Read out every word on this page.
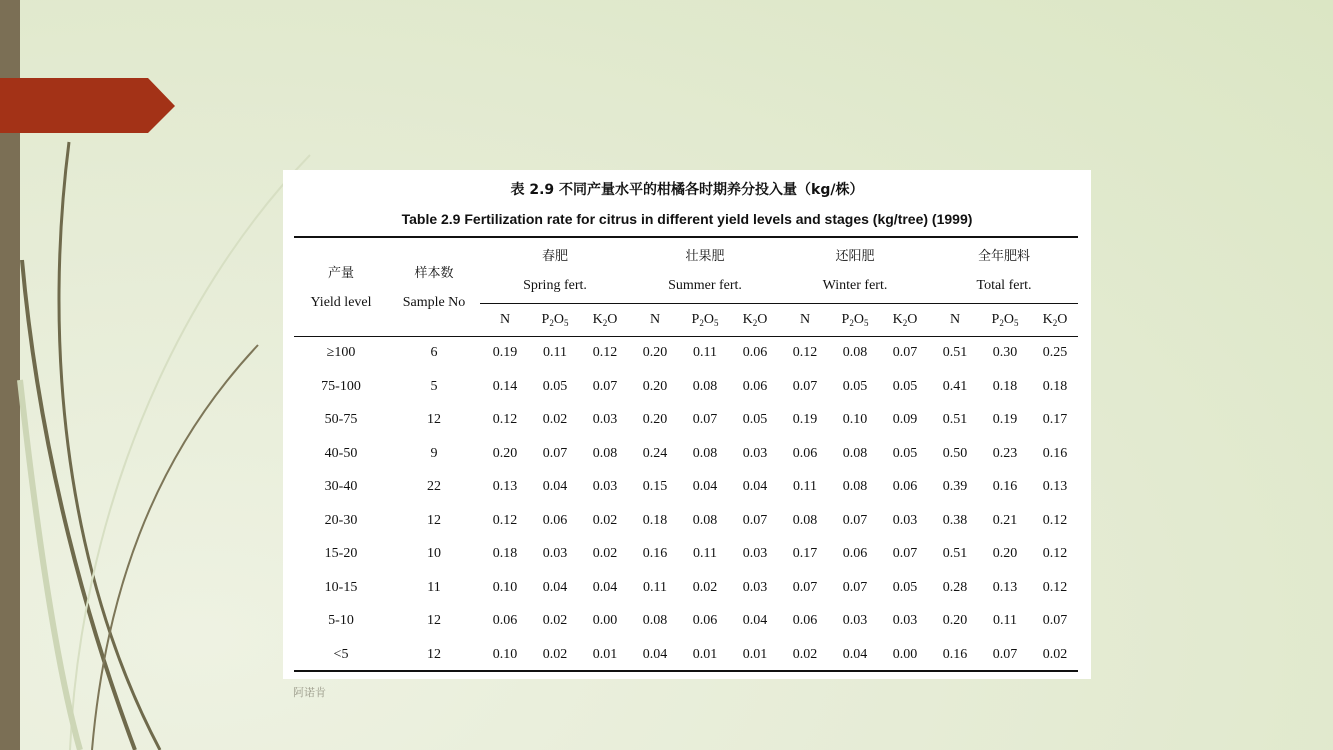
表 2.9 不同产量水平的柑橘各时期养分投入量（kg/株）
Table 2.9 Fertilization rate for citrus in different yield levels and stages (kg/tree) (1999)
产量
Yield level
样本数
Sample No
春肥
Spring fert.
壮果肥
Summer fert.
还阳肥
Winter fert.
全年肥料
Total fert.
N	$P_2O_5$	$K_2O$	N	$P_2O_5$	$K_2O$	N	$P_2O_5$	$K_2O$	N	$P_2O_5$	$K_2O$
≥100	6	0.19	0.11	0.12	0.20	0.11	0.06	0.12	0.08	0.07	0.51	0.30	0.25
75-100	5	0.14	0.05	0.07	0.20	0.08	0.06	0.07	0.05	0.05	0.41	0.18	0.18
50-75	12	0.12	0.02	0.03	0.20	0.07	0.05	0.19	0.10	0.09	0.51	0.19	0.17
40-50	9	0.20	0.07	0.08	0.24	0.08	0.03	0.06	0.08	0.05	0.50	0.23	0.16
30-40	22	0.13	0.04	0.03	0.15	0.04	0.04	0.11	0.08	0.06	0.39	0.16	0.13
20-30	12	0.12	0.06	0.02	0.18	0.08	0.07	0.08	0.07	0.03	0.38	0.21	0.12
15-20	10	0.18	0.03	0.02	0.16	0.11	0.03	0.17	0.06	0.07	0.51	0.20	0.12
10-15	11	0.10	0.04	0.04	0.11	0.02	0.03	0.07	0.07	0.05	0.28	0.13	0.12
5-10	12	0.06	0.02	0.00	0.08	0.06	0.04	0.06	0.03	0.03	0.20	0.11	0.07
<5	12	0.10	0.02	0.01	0.04	0.01	0.01	0.02	0.04	0.00	0.16	0.07	0.02
阿诺肯
